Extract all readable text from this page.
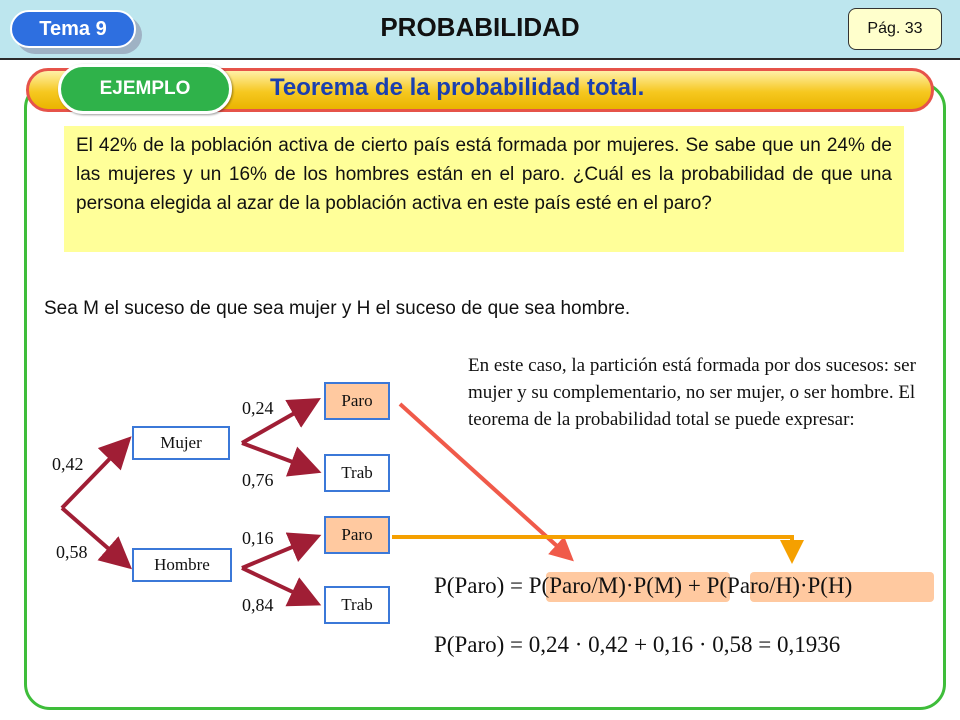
Tema 9	PROBABILIDAD	Pág. 33
Teorema de la probabilidad total.
EJEMPLO
El 42% de la población activa de cierto país está formada por mujeres. Se sabe que un 24% de las mujeres y un 16% de los hombres están en el paro. ¿Cuál es la probabilidad de que una persona elegida al azar de la población activa en este país esté en el paro?
Sea M el suceso de que sea mujer y H el suceso de que sea hombre.
En este caso, la partición está formada por dos sucesos: ser mujer y su complementario, no ser mujer, o ser hombre. El teorema de la probabilidad total se puede expresar:
Mujer
Hombre
Paro
Trab
Paro
Trab
0,42
0,58
0,24
0,76
0,16
0,84
P(Paro) = P(Paro/M)·P(M) + P(Paro/H)·P(H)
P(Paro) = 0,24 · 0,42 + 0,16 · 0,58 = 0,1936
